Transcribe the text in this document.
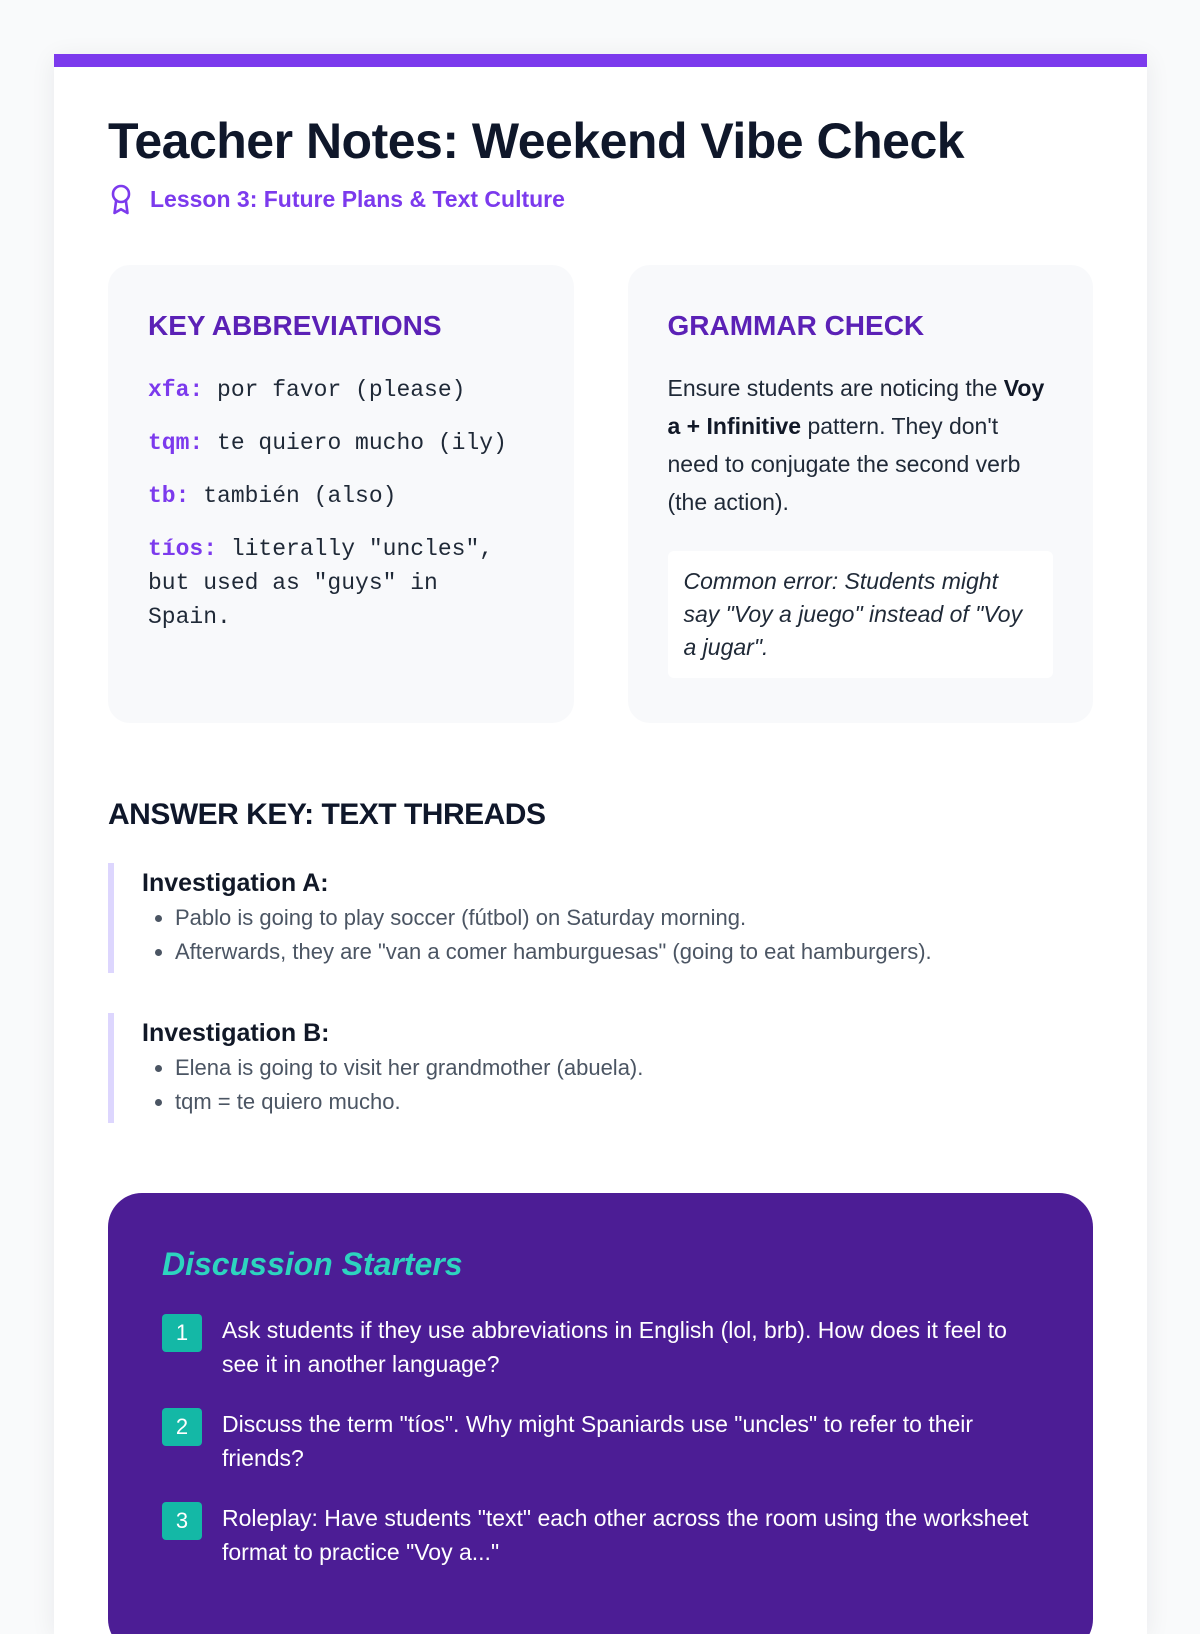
Teacher Notes: Weekend Vibe Check
Lesson 3: Future Plans & Text Culture
KEY ABBREVIATIONS
xfa: por favor (please)
tqm: te quiero mucho (ily)
tb: también (also)
tíos: literally "uncles", but used as "guys" in Spain.
GRAMMAR CHECK
Ensure students are noticing the Voy a + Infinitive pattern. They don't need to conjugate the second verb (the action).
Common error: Students might say "Voy a juego" instead of "Voy a jugar".
ANSWER KEY: TEXT THREADS
Investigation A:
• Pablo is going to play soccer (fútbol) on Saturday morning.
• Afterwards, they are "van a comer hamburguesas" (going to eat hamburgers).
Investigation B:
• Elena is going to visit her grandmother (abuela).
• tqm = te quiero mucho.
Discussion Starters
1	Ask students if they use abbreviations in English (lol, brb). How does it feel to see it in another language?
2	Discuss the term "tíos". Why might Spaniards use "uncles" to refer to their friends?
3	Roleplay: Have students "text" each other across the room using the worksheet format to practice "Voy a..."
